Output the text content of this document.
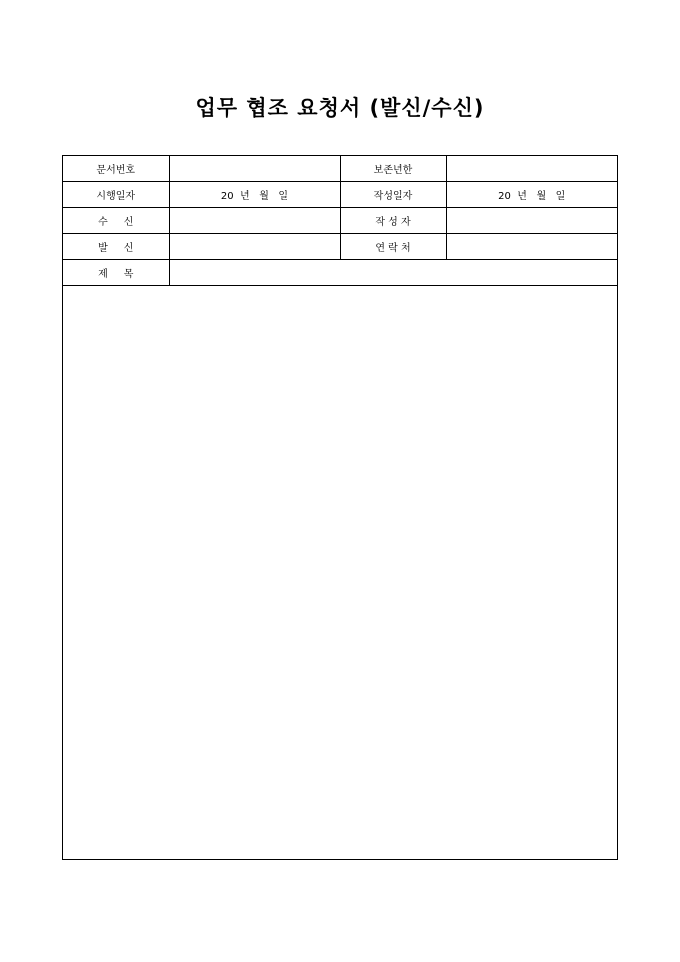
업무 협조 요청서 (발신/수신)
문서번호		보존년한	
시행일자	20  년   월   일	작성일자	20  년   월   일
수     신		작 성 자	
발     신		연 락 처	
제     목			
